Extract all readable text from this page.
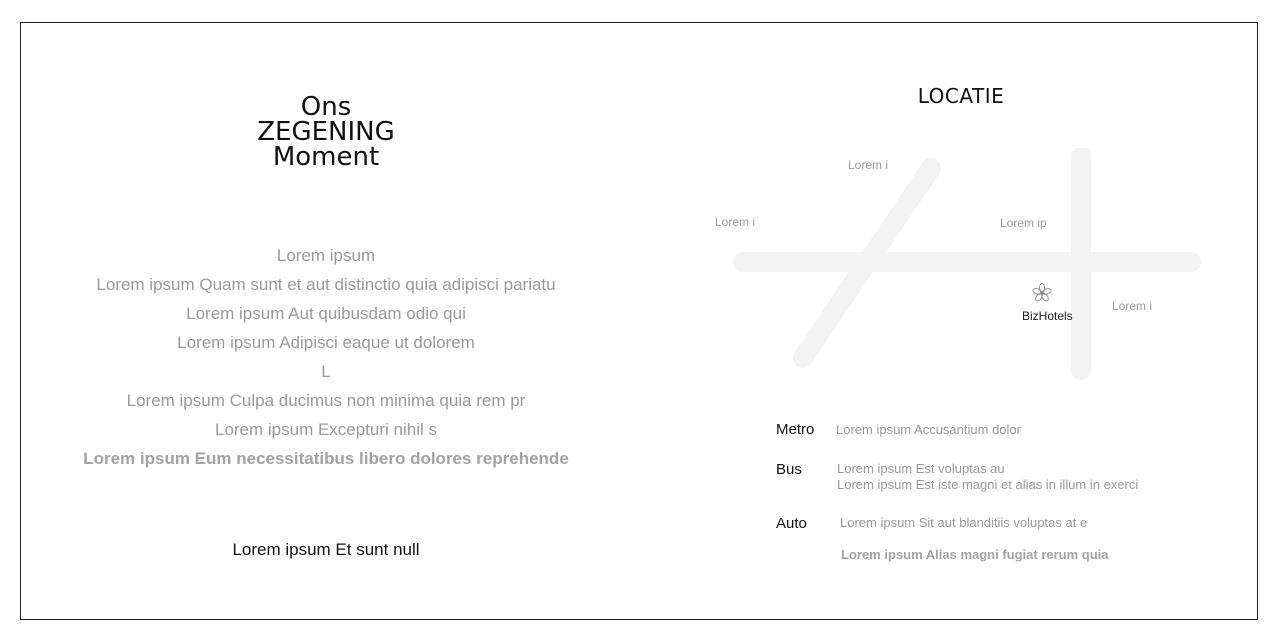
Ons
ZEGENING
Moment
Lorem ipsum
Lorem ipsum Quam sunt et aut distinctio quia adipisci pariatu
Lorem ipsum Aut quibusdam odio qui
Lorem ipsum Adipisci eaque ut dolorem
L
Lorem ipsum Culpa ducimus non minima quia rem pr
Lorem ipsum Excepturi nihil s
Lorem ipsum Eum necessitatibus libero dolores reprehende
Lorem ipsum Et sunt null
LOCATIE
Lorem i
Lorem i	Lorem ip
Lorem i
BizHotels
Metro Lorem ipsum Accusantium dolor
Bus	Lorem ipsum Est voluptas au
Lorem ipsum Est iste magni et alias in illum in exerci
Auto	Lorem ipsum Sit aut blanditiis voluptas at e
Lorem ipsum Alias magni fugiat rerum quia
